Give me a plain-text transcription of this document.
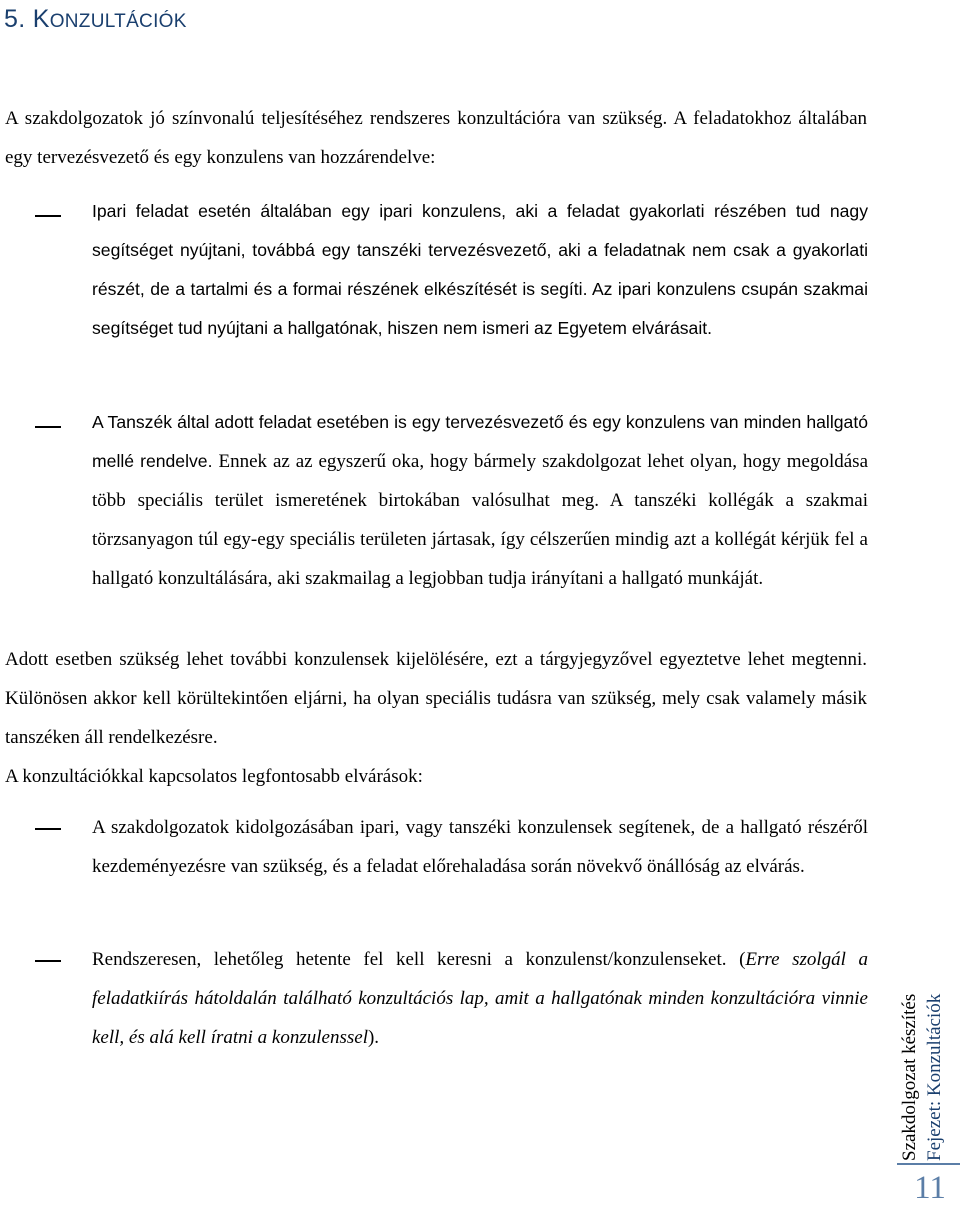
5. KONZULTÁCIÓK

A szakdolgozatok jó színvonalú teljesítéséhez rendszeres konzultációra van szükség. A feladatokhoz általában egy tervezésvezető és egy konzulens van hozzárendelve:

Ipari feladat esetén általában egy ipari konzulens, aki a feladat gyakorlati részében tud nagy segítséget nyújtani, továbbá egy tanszéki tervezésvezető, aki a feladatnak nem csak a gyakorlati részét, de a tartalmi és a formai részének elkészítését is segíti. Az ipari konzulens csupán szakmai segítséget tud nyújtani a hallgatónak, hiszen nem ismeri az Egyetem elvárásait.

A Tanszék által adott feladat esetében is egy tervezésvezető és egy konzulens van minden hallgató mellé rendelve. Ennek az az egyszerű oka, hogy bármely szakdolgozat lehet olyan, hogy megoldása több speciális terület ismeretének birtokában valósulhat meg. A tanszéki kollégák a szakmai törzsanyagon túl egy-egy speciális területen jártasak, így célszerűen mindig azt a kollégát kérjük fel a hallgató konzultálására, aki szakmailag a legjobban tudja irányítani a hallgató munkáját.

Adott esetben szükség lehet további konzulensek kijelölésére, ezt a tárgyjegyzővel egyeztetve lehet megtenni. Különösen akkor kell körültekintően eljárni, ha olyan speciális tudásra van szükség, mely csak valamely másik tanszéken áll rendelkezésre.

A konzultációkkal kapcsolatos legfontosabb elvárások:

A szakdolgozatok kidolgozásában ipari, vagy tanszéki konzulensek segítenek, de a hallgató részéről kezdeményezésre van szükség, és a feladat előrehaladása során növekvő önállóság az elvárás.

Rendszeresen, lehetőleg hetente fel kell keresni a konzulenst/konzulenseket. (Erre szolgál a feladatkiírás hátoldalán található konzultációs lap, amit a hallgatónak minden konzultációra vinnie kell, és alá kell íratni a konzulenssel).	Szakdolgozat készítés Fejezet: Konzultációk
11
